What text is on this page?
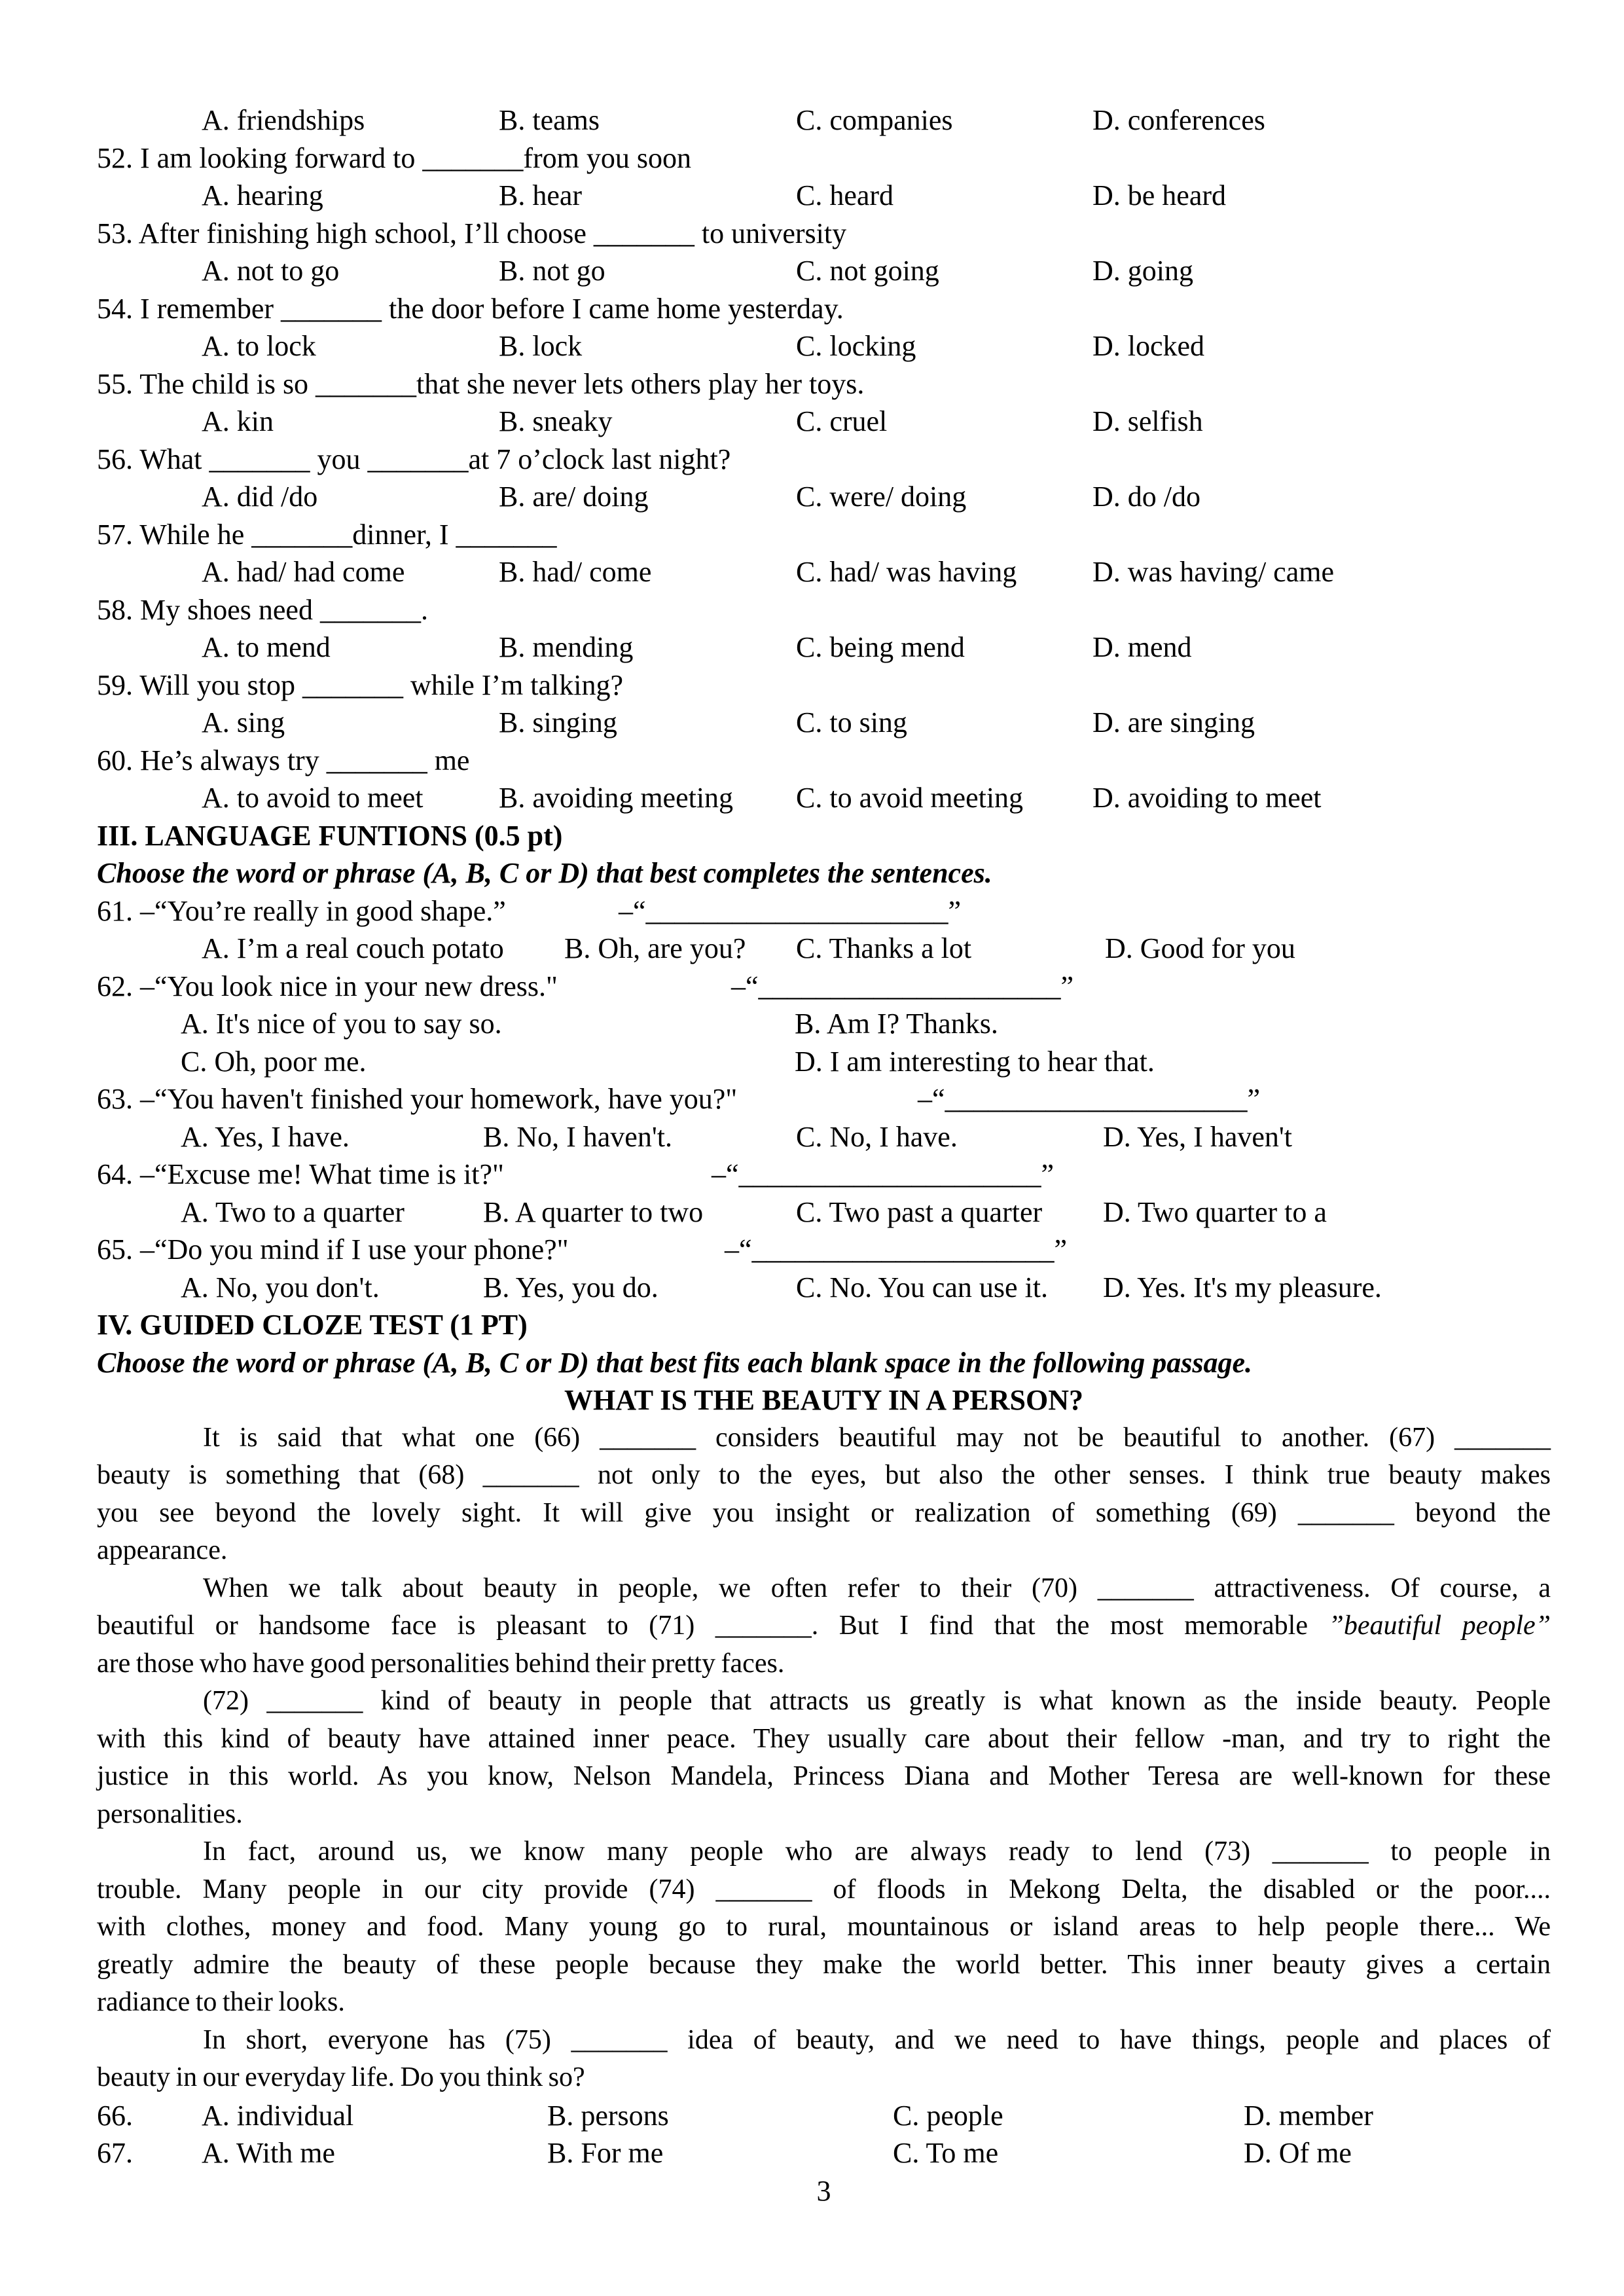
A. friendships	B. teams	C. companies	D. conferences
52. I am looking forward to _______from you soon
A. hearing	B. hear	C. heard	D. be heard
53. After finishing high school, I’ll choose _______ to university
A. not to go	B. not go	C. not going	D. going
54. I remember _______ the door before I came home yesterday.
A. to lock	B. lock	C. locking	D. locked
55. The child is so _______that she never lets others play her toys.
A. kin	B. sneaky	C. cruel	D. selfish
56. What _______ you _______at 7 o’clock last night?
A. did /do	B. are/ doing	C. were/ doing	D. do /do
57. While he _______dinner, I _______
A. had/ had come	B. had/ come	C. had/ was having	D. was having/ came
58. My shoes need _______.
A. to mend	B. mending	C. being mend	D. mend
59. Will you stop _______ while I’m talking?
A. sing	B. singing	C. to sing	D. are singing
60. He’s always try _______ me
A. to avoid to meet	B. avoiding meeting C. to avoid meeting D. avoiding to meet
III. LANGUAGE FUNTIONS (0.5 pt)
Choose the word or phrase (A, B, C or D) that best completes the sentences.
61. –“You’re really in good shape.”	–“_____________________”
A. I’m a real couch potato B. Oh, are you? C. Thanks a lot	D. Good for you
62. –“You look nice in your new dress."	–“_____________________”
A. It's nice of you to say so.	B. Am I? Thanks.
C. Oh, poor me.	D. I am interesting to hear that.
63. –“You haven't finished your homework, have you?"	–“_____________________”
A. Yes, I have.	B. No, I haven't.	C. No, I have.	D. Yes, I haven't
64. –“Excuse me! What time is it?"	–“_____________________”
A. Two to a quarter	B. A quarter to two	C. Two past a quarter D. Two quarter to a
65. –“Do you mind if I use your phone?"	–“_____________________”
A. No, you don't.	B. Yes, you do.	C. No. You can use it. D. Yes. It's my pleasure.
IV. GUIDED CLOZE TEST (1 PT)
Choose the word or phrase (A, B, C or D) that best fits each blank space in the following passage.
WHAT IS THE BEAUTY IN A PERSON?
It is said that what one (66) _______ considers beautiful may not be beautiful to another. (67) _______
beauty is something that (68) _______ not only to the eyes, but also the other senses. I think true beauty makes
you see beyond the lovely sight. It will give you insight or realization of something (69) _______ beyond the
appearance.
When we talk about beauty in people, we often refer to their (70) _______ attractiveness. Of course, a
beautiful or handsome face is pleasant to (71) _______. But I find that the most memorable ”beautiful people”
are those who have good personalities behind their pretty faces.
(72) _______ kind of beauty in people that attracts us greatly is what known as the inside beauty. People
with this kind of beauty have attained inner peace. They usually care about their fellow -man, and try to right the
justice in this world. As you know, Nelson Mandela, Princess Diana and Mother Teresa are well-known for these
personalities.
In fact, around us, we know many people who are always ready to lend (73) _______ to people in
trouble. Many people in our city provide (74) _______ of floods in Mekong Delta, the disabled or the poor....
with clothes, money and food. Many young go to rural, mountainous or island areas to help people there... We
greatly admire the beauty of these people because they make the world better. This inner beauty gives a certain
radiance to their looks.
In short, everyone has (75) _______ idea of beauty, and we need to have things, people and places of
beauty in our everyday life. Do you think so?
66. A. individual	B. persons	C. people	D. member
67. A. With me	B. For me	C. To me	D. Of me
3
